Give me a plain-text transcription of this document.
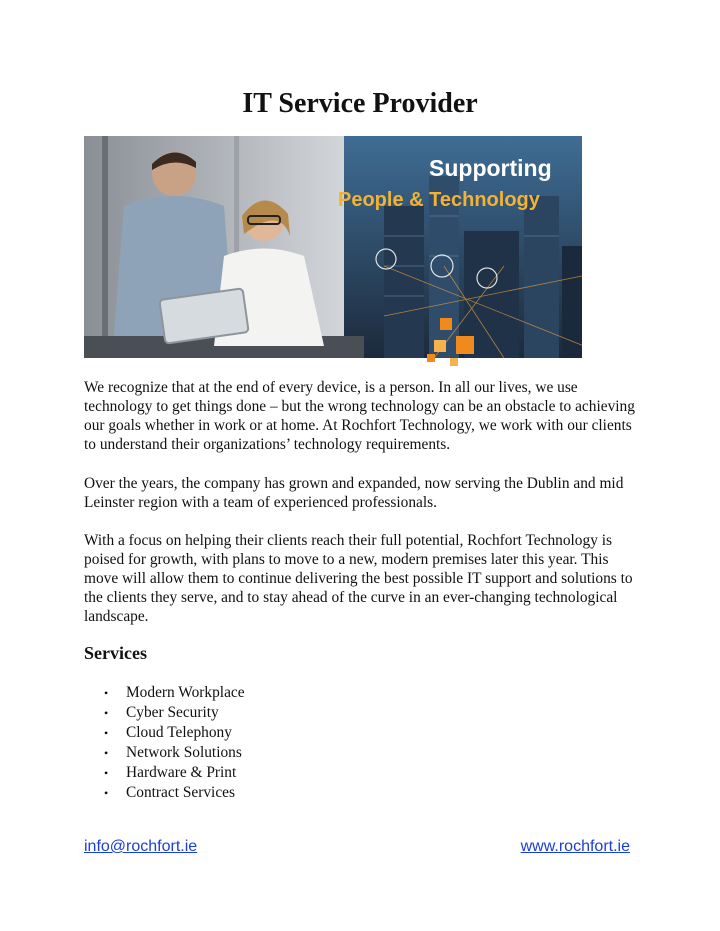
IT Service Provider
Supporting
People & Technology

We recognize that at the end of every device, is a person. In all our lives, we use technology to get things done – but the wrong technology can be an obstacle to achieving our goals whether in work or at home. At Rochfort Technology, we work with our clients to understand their organizations’ technology requirements.

Over the years, the company has grown and expanded, now serving the Dublin and mid Leinster region with a team of experienced professionals.

With a focus on helping their clients reach their full potential, Rochfort Technology is poised for growth, with plans to move to a new, modern premises later this year. This move will allow them to continue delivering the best possible IT support and solutions to the clients they serve, and to stay ahead of the curve in an ever-changing technological landscape.

Services
• Modern Workplace
• Cyber Security
• Cloud Telephony
• Network Solutions
• Hardware & Print
• Contract Services
info@rochfort.ie	www.rochfort.ie
